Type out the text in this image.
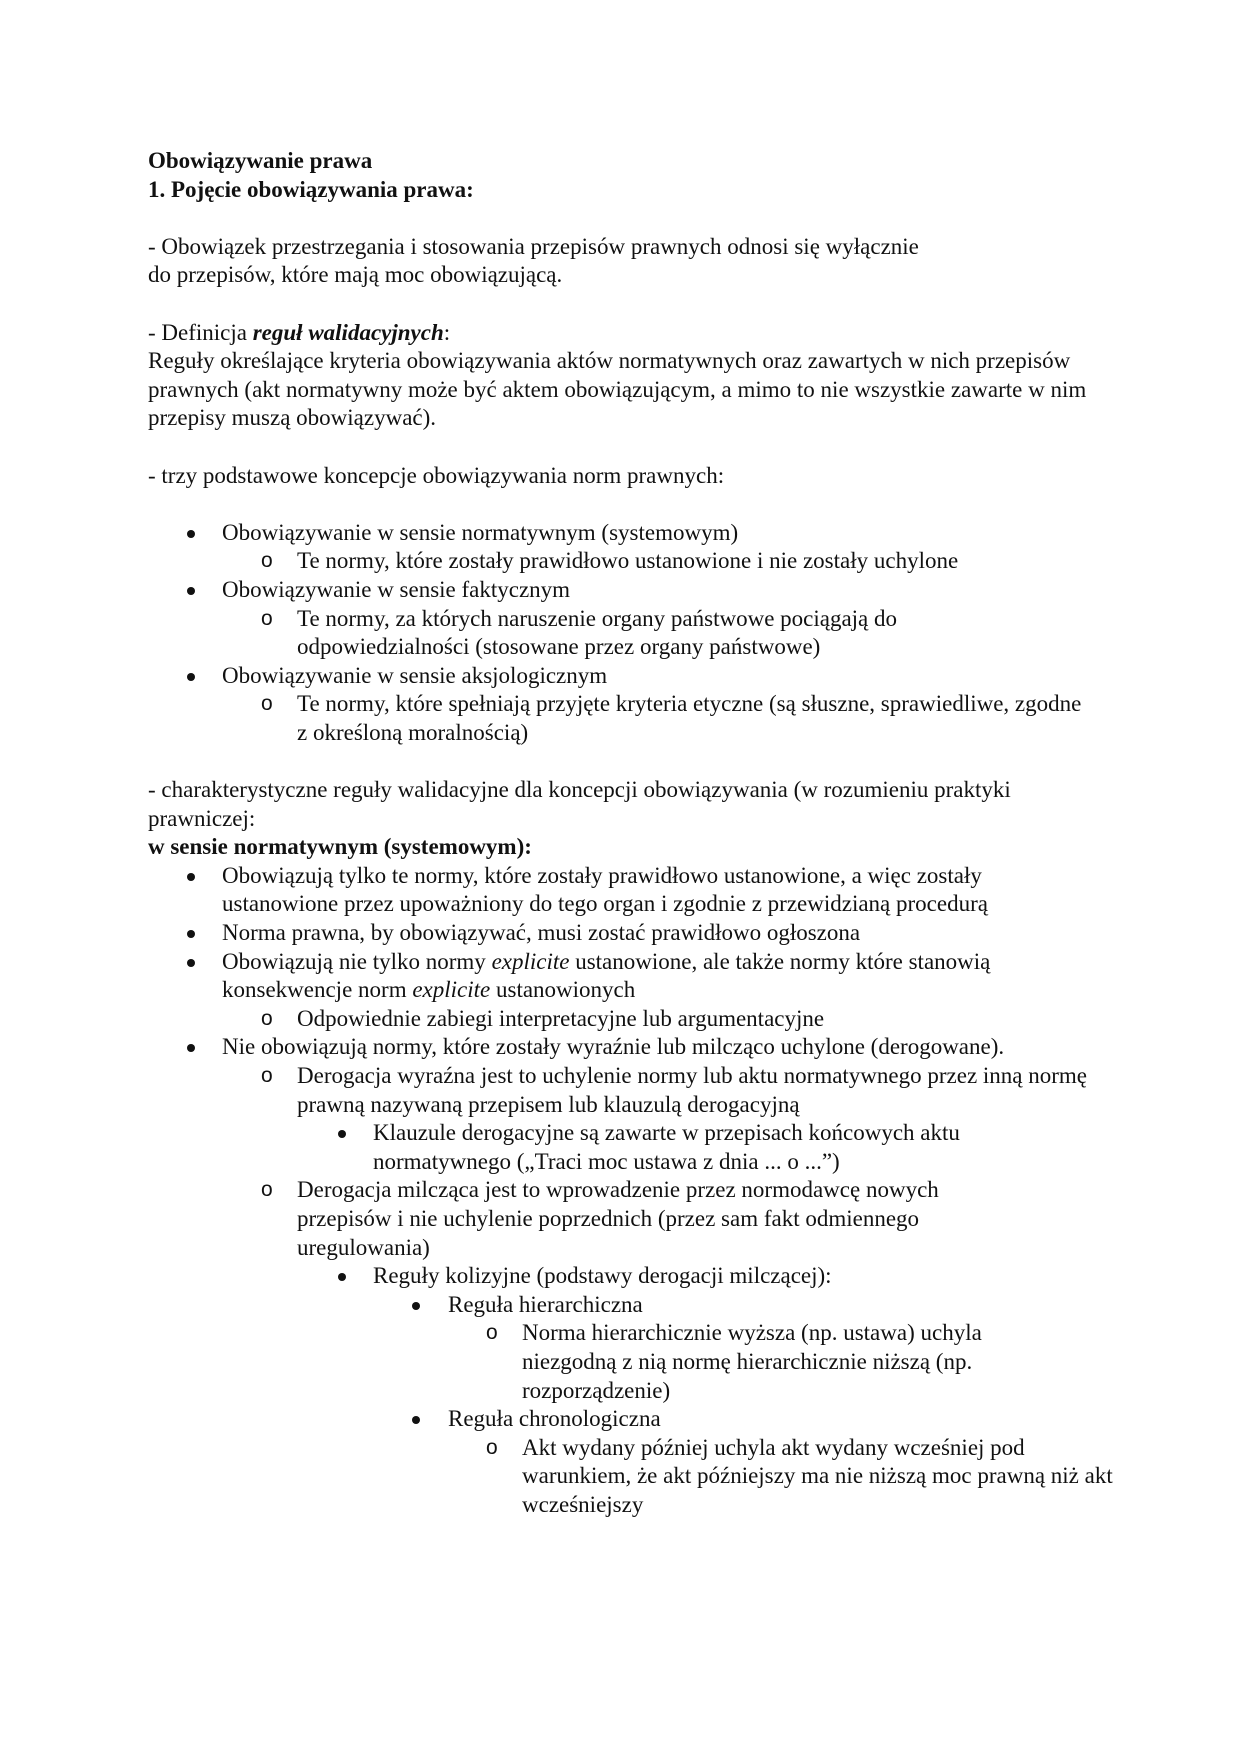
Obowiązywanie prawa

1. Pojęcie obowiązywania prawa:

- Obowiązek przestrzegania i stosowania przepisów prawnych odnosi się wyłącznie do przepisów, które mają moc obowiązującą.

- Definicja reguł walidacyjnych:

Reguły określające kryteria obowiązywania aktów normatywnych oraz zawartych w nich przepisów prawnych (akt normatywny może być aktem obowiązującym, a mimo to nie wszystkie zawarte w nim przepisy muszą obowiązywać).

- trzy podstawowe koncepcje obowiązywania norm prawnych:

Obowiązywanie w sensie normatywnym (systemowym)
o Te normy, które zostały prawidłowo ustanowione i nie zostały uchylone
Obowiązywanie w sensie faktycznym
o Te normy, za których naruszenie organy państwowe pociągają do odpowiedzialności (stosowane przez organy państwowe)
Obowiązywanie w sensie aksjologicznym
o Te normy, które spełniają przyjęte kryteria etyczne (są słuszne, sprawiedliwe, zgodne z określoną moralnością)

- charakterystyczne reguły walidacyjne dla koncepcji obowiązywania (w rozumieniu praktyki prawniczej:

w sensie normatywnym (systemowym):

Obowiązują tylko te normy, które zostały prawidłowo ustanowione, a więc zostały ustanowione przez upoważniony do tego organ i zgodnie z przewidzianą procedurą
Norma prawna, by obowiązywać, musi zostać prawidłowo ogłoszona
Obowiązują nie tylko normy explicite ustanowione, ale także normy które stanowią konsekwencje norm explicite ustanowionych
o Odpowiednie zabiegi interpretacyjne lub argumentacyjne
Nie obowiązują normy, które zostały wyraźnie lub milcząco uchylone (derogowane).
o Derogacja wyraźna jest to uchylenie normy lub aktu normatywnego przez inną normę prawną nazywaną przepisem lub klauzulą derogacyjną
Klauzule derogacyjne są zawarte w przepisach końcowych aktu normatywnego („Traci moc ustawa z dnia ... o ...”)
o Derogacja milcząca jest to wprowadzenie przez normodawcę nowych przepisów i nie uchylenie poprzednich (przez sam fakt odmiennego uregulowania)
Reguły kolizyjne (podstawy derogacji milczącej):
Reguła hierarchiczna
o Norma hierarchicznie wyższa (np. ustawa) uchyla niezgodną z nią normę hierarchicznie niższą (np. rozporządzenie)
Reguła chronologiczna
o Akt wydany później uchyla akt wydany wcześniej pod warunkiem, że akt późniejszy ma nie niższą moc prawną niż akt wcześniejszy
